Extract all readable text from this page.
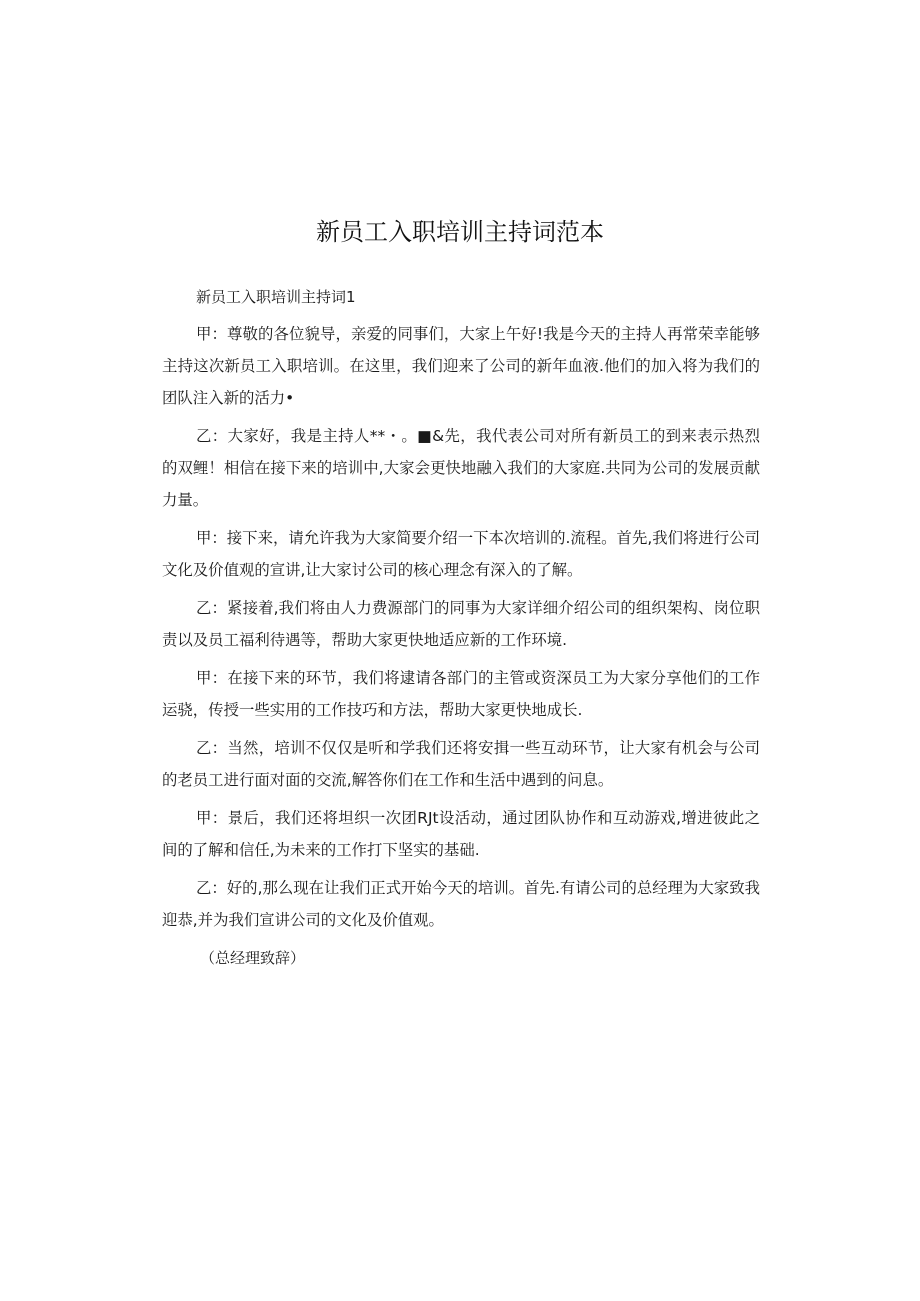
新员工入职培训主持词范本
新员工入职培训主持词1

甲：尊敬的各位貌导，亲爱的同事们，大家上午好!我是今天的主持人再常荣幸能够主持这次新员工入职培训。在这里，我们迎来了公司的新年血液.他们的加入将为我们的团队注入新的活力•

乙：大家好，我是主持人**・。■&先，我代表公司对所有新员工的到来表示热烈的双鲤！相信在接下来的培训中,大家会更快地融入我们的大家庭.共同为公司的发展贡献力量。

甲：接下来，请允许我为大家简要介绍一下本次培训的.流程。首先,我们将进行公司文化及价值观的宣讲,让大家讨公司的核心理念有深入的了解。

乙：紧接着,我们将由人力费源部门的同事为大家详细介绍公司的组织架构、岗位职责以及员工福利待遇等，帮助大家更快地适应新的工作环境.

甲：在接下来的环节，我们将逮请各部门的主管或资深员工为大家分享他们的工作运骁，传授一些实用的工作技巧和方法，帮助大家更快地成长.

乙：当然，培训不仅仅是听和学我们还将安揖一些互动环节，让大家有机会与公司的老员工进行面对面的交流,解答你们在工作和生活中遇到的问息。

甲：景后，我们还将坦织一次团RJt设活动，通过团队协作和互动游戏,增进彼此之间的了解和信任,为未来的工作打下坚实的基础.

乙：好的,那么现在让我们正式开始今天的培训。首先.有请公司的总经理为大家致我迎恭,并为我们宣讲公司的文化及价值观。

（总经理致辞）
